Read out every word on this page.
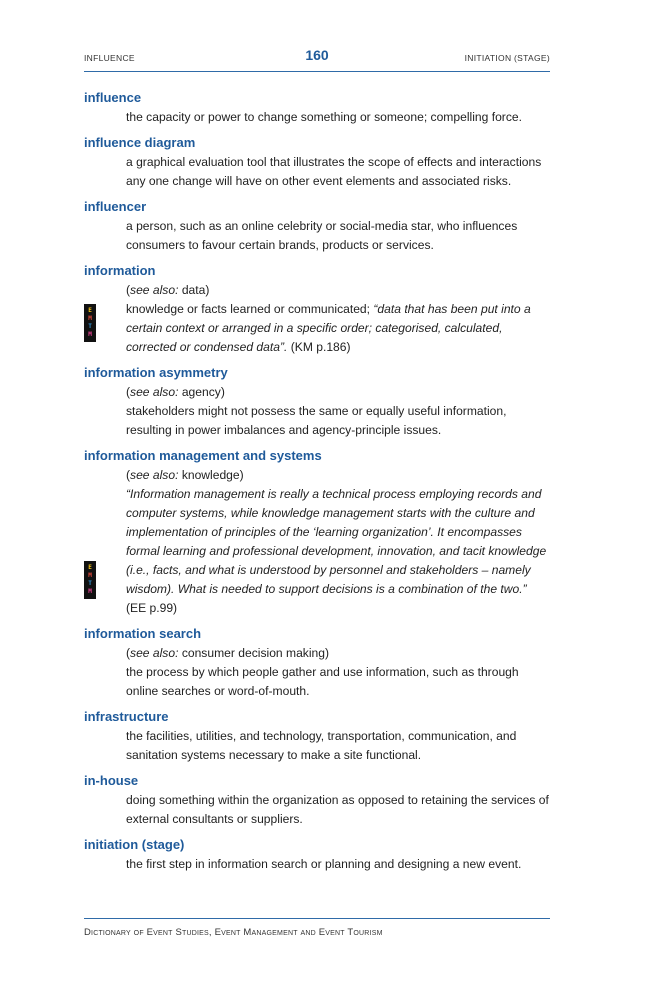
INFLUENCE	160	INITIATION (STAGE)

influence

the capacity or power to change something or someone; compelling force.

influence diagram

a graphical evaluation tool that illustrates the scope of effects and interactions any one change will have on other event elements and associated risks.

influencer

a person, such as an online celebrity or social-media star, who influences consumers to favour certain brands, products or services.

information

E
M
T
M

(see also: data)

knowledge or facts learned or communicated; “data that has been put into a certain context or arranged in a specific order; categorised, calculated, corrected or condensed data”. (KM p.186)

information asymmetry

(see also: agency)

stakeholders might not possess the same or equally useful information, resulting in power imbalances and agency-principle issues.

information management and systems

E
M
T
M

(see also: knowledge)

“Information management is really a technical process employing records and computer systems, while knowledge management starts with the culture and implementation of principles of the ‘learning organization’. It encompasses formal learning and professional development, innovation, and tacit knowledge (i.e., facts, and what is understood by personnel and stakeholders – namely wisdom). What is needed to support decisions is a combination of the two.”

(EE p.99)

information search

(see also: consumer decision making)

the process by which people gather and use information, such as through online searches or word-of-mouth.

infrastructure

the facilities, utilities, and technology, transportation, communication, and sanitation systems necessary to make a site functional.

in-house

doing something within the organization as opposed to retaining the services of external consultants or suppliers.

initiation (stage)

the first step in information search or planning and designing a new event.

Dictionary of Event Studies, Event Management and Event Tourism
